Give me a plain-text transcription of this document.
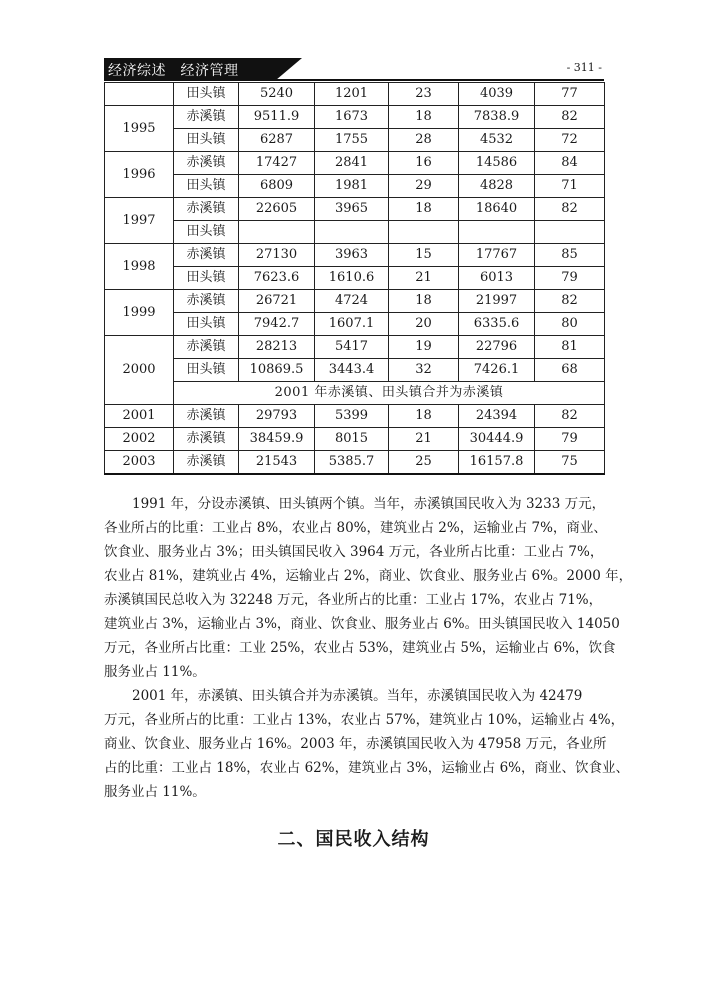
经济综述　经济管理	- 311 -
	田头镇	5240	1201	23	4039	77
1995	赤溪镇	9511.9	1673	18	7838.9	82
	田头镇	6287	1755	28	4532	72
1996	赤溪镇	17427	2841	16	14586	84
	田头镇	6809	1981	29	4828	71
1997	赤溪镇	22605	3965	18	18640	82
	田头镇					
1998	赤溪镇	27130	3963	15	17767	85
	田头镇	7623.6	1610.6	21	6013	79
1999	赤溪镇	26721	4724	18	21997	82
	田头镇	7942.7	1607.1	20	6335.6	80
2000	赤溪镇	28213	5417	19	22796	81
	田头镇	10869.5	3443.4	32	7426.1	68
	2001 年赤溪镇、田头镇合并为赤溪镇					
2001	赤溪镇	29793	5399	18	24394	82
2002	赤溪镇	38459.9	8015	21	30444.9	79
2003	赤溪镇	21543	5385.7	25	16157.8	75

1991 年，分设赤溪镇、田头镇两个镇。当年，赤溪镇国民收入为 3233 万元，
各业所占的比重：工业占 8%，农业占 80%，建筑业占 2%，运输业占 7%，商业、
饮食业、服务业占 3%；田头镇国民收入 3964 万元，各业所占比重：工业占 7%，
农业占 81%，建筑业占 4%，运输业占 2%，商业、饮食业、服务业占 6%。2000 年，
赤溪镇国民总收入为 32248 万元，各业所占的比重：工业占 17%，农业占 71%，
建筑业占 3%，运输业占 3%，商业、饮食业、服务业占 6%。田头镇国民收入 14050
万元，各业所占比重：工业 25%，农业占 53%，建筑业占 5%，运输业占 6%，饮食
服务业占 11%。

2001 年，赤溪镇、田头镇合并为赤溪镇。当年，赤溪镇国民收入为 42479
万元，各业所占的比重：工业占 13%，农业占 57%，建筑业占 10%，运输业占 4%，
商业、饮食业、服务业占 16%。2003 年，赤溪镇国民收入为 47958 万元，各业所
占的比重：工业占 18%，农业占 62%，建筑业占 3%，运输业占 6%，商业、饮食业、
服务业占 11%。

二、国民收入结构
